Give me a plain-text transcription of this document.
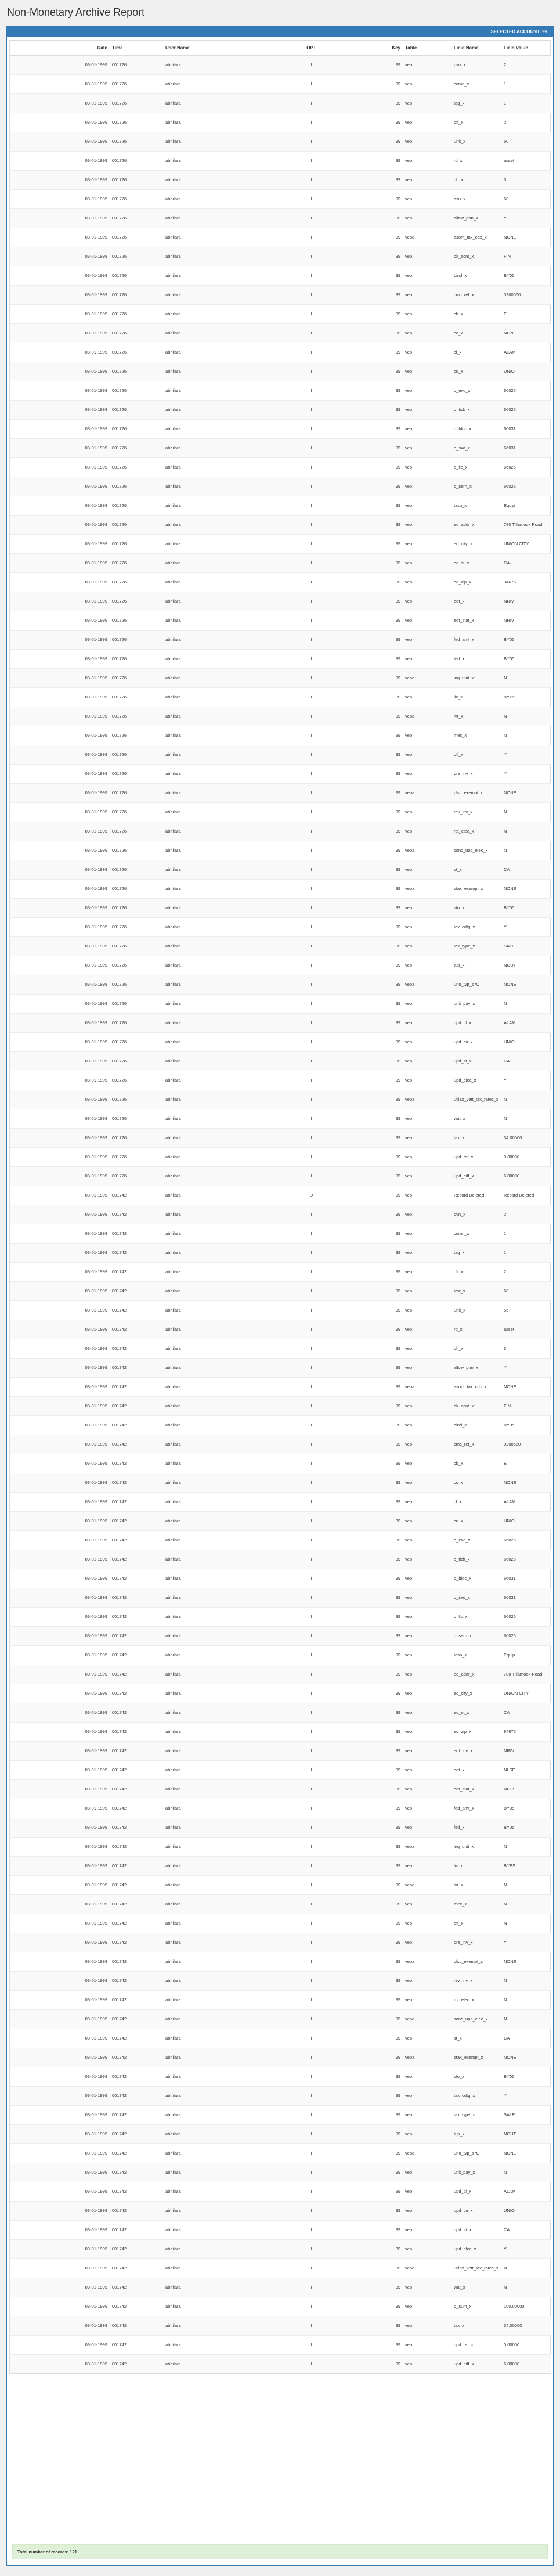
Non-Monetary Archive Report
SELECTED ACCOUNT 99
Date	Time	User Name	OPT	Key	Table	Field Name	Field Value
03-01-1999	001726	abhilara	I	99	vep	pvn_x	2
03-01-1999	001726	abhilara	I	99	vep	comn_x	1
03-01-1999	001726	abhilara	I	99	vep	tag_x	1
03-01-1999	001726	abhilara	I	99	vep	off_x	2
03-01-1999	001726	abhilara	I	99	vep	unit_x	50
03-01-1999	001726	abhilara	I	99	vep	rd_x	asset
03-01-1999	001726	abhilara	I	99	vep	dh_x	3
03-01-1999	001726	abhilara	I	99	vep	asu_x	60
03-01-1999	001726	abhilara	I	99	vep	allow_phn_x	Y
03-01-1999	001726	abhilara	I	99	vepa	asont_tax_cdo_x	NONE
03-01-1999	001726	abhilara	I	99	vep	bk_acnt_x	FIN
03-01-1999	001726	abhilara	I	99	vep	bind_x	BY05
03-01-1999	001726	abhilara	I	99	vep	cmc_ref_x	0200560
03-01-1999	001726	abhilara	I	99	vep	cb_x	E
03-01-1999	001726	abhilara	I	99	vep	cc_x	NONE
03-01-1999	001726	abhilara	I	99	vep	cl_x	ALAM
03-01-1999	001726	abhilara	I	99	vep	cu_x	UNIO
03-01-1999	001726	abhilara	I	99	vep	d_exo_x	66026
03-01-1999	001726	abhilara	I	99	vep	d_tick_x	66026
03-01-1999	001726	abhilara	I	99	vep	d_bloc_x	66031
03-01-1999	001726	abhilara	I	99	vep	d_sxd_x	66031
03-01-1999	001726	abhilara	I	99	vep	d_lic_x	66026
03-01-1999	001726	abhilara	I	99	vep	d_sern_x	66026
03-01-1999	001726	abhilara	I	99	vep	tasn_x	Equip
03-01-1999	001726	abhilara	I	99	vep	eq_addr_x	780 Tillamook Road
03-01-1999	001726	abhilara	I	99	vep	eq_city_x	UNION CITY
03-01-1999	001726	abhilara	I	99	vep	eq_st_x	CA
03-01-1999	001726	abhilara	I	99	vep	eq_zip_x	94675
03-01-1999	001726	abhilara	I	99	vep	eqt_x	NRIV
03-01-1999	001726	abhilara	I	99	vep	eqt_stat_x	NRIV
03-01-1999	001726	abhilara	I	99	vep	fed_amt_x	BY05
03-01-1999	001726	abhilara	I	99	vep	fed_x	BY05
03-01-1999	001726	abhilara	I	99	vepa	inq_unit_x	N
03-01-1999	001726	abhilara	I	99	vep	lic_x	BYPS
03-01-1999	001726	abhilara	I	99	vepa	lvr_x	N
03-01-1999	001726	abhilara	I	99	vep	mec_x	N
03-01-1999	001726	abhilara	I	99	vep	off_x	Y
03-01-1999	001726	abhilara	I	99	vep	pre_inv_x	Y
03-01-1999	001726	abhilara	I	99	vepa	plsc_exempt_x	NONE
03-01-1999	001726	abhilara	I	99	vep	rev_inv_x	N
03-01-1999	001726	abhilara	I	99	vep	rqt_elec_x	N
03-01-1999	001726	abhilara	I	99	vepa	sonc_upd_elec_x	N
03-01-1999	001726	abhilara	I	99	vep	st_x	CA
03-01-1999	001726	abhilara	I	99	vepa	stax_exempt_x	NONE
03-01-1999	001726	abhilara	I	99	vep	sto_x	BY05
03-01-1999	001726	abhilara	I	99	vep	tax_cdtg_x	Y
03-01-1999	001726	abhilara	I	99	vep	tax_type_x	SALE
03-01-1999	001726	abhilara	I	99	vep	tup_x	NOUT
03-01-1999	001726	abhilara	I	99	vepa	uno_typ_s7C	NONE
03-01-1999	001726	abhilara	I	99	vep	unit_pay_x	N
03-01-1999	001726	abhilara	I	99	vep	upd_cl_x	ALAM
03-01-1999	001726	abhilara	I	99	vep	upd_cu_x	UNIO
03-01-1999	001726	abhilara	I	99	vep	upd_st_x	CA
03-01-1999	001726	abhilara	I	99	vep	upd_elec_x	Y
03-01-1999	001726	abhilara	I	99	vepa	utilax_vett_tax_ratec_x	N
03-01-1999	001726	abhilara	I	99	vep	wat_x	N
03-01-1999	001726	abhilara	I	99	vep	tax_x	34.00000
03-01-1999	001726	abhilara	I	99	vep	upd_ret_x	0.00000
03-01-1999	001726	abhilara	I	99	vep	upd_eiff_x	6.00000
03-01-1999	001742	abhilara	D	99	vep	Record Deleted	Record Deleted
03-01-1999	001742	abhilara	I	99	vep	pvn_x	2
03-01-1999	001742	abhilara	I	99	vep	comn_x	1
03-01-1999	001742	abhilara	I	99	vep	tag_x	1
03-01-1999	001742	abhilara	I	99	vep	off_x	2
03-01-1999	001742	abhilara	I	99	vep	tow_x	60
03-01-1999	001742	abhilara	I	99	vep	unit_x	55
03-01-1999	001742	abhilara	I	99	vep	rd_x	asset
03-01-1999	001742	abhilara	I	99	vep	dh_x	3
03-01-1999	001742	abhilara	I	99	vep	allow_phn_x	Y
03-01-1999	001742	abhilara	I	99	vepa	asont_tax_cdo_x	NONE
03-01-1999	001742	abhilara	I	99	vep	bk_acnt_x	FIN
03-01-1999	001742	abhilara	I	99	vep	bind_x	BY05
03-01-1999	001742	abhilara	I	99	vep	cmc_ref_x	0200560
03-01-1999	001742	abhilara	I	99	vep	cb_x	E
03-01-1999	001742	abhilara	I	99	vep	cc_x	NONE
03-01-1999	001742	abhilara	I	99	vep	cl_x	ALAM
03-01-1999	001742	abhilara	I	99	vep	cu_x	UNIO
03-01-1999	001742	abhilara	I	99	vep	d_exo_x	66026
03-01-1999	001742	abhilara	I	99	vep	d_tick_x	66026
03-01-1999	001742	abhilara	I	99	vep	d_bloc_x	66031
03-01-1999	001742	abhilara	I	99	vep	d_sxd_x	66031
03-01-1999	001742	abhilara	I	99	vep	d_lic_x	66026
03-01-1999	001742	abhilara	I	99	vep	d_sern_x	66026
03-01-1999	001742	abhilara	I	99	vep	tasn_x	Equip
03-01-1999	001742	abhilara	I	99	vep	eq_addr_x	780 Tillamook Road
03-01-1999	001742	abhilara	I	99	vep	eq_city_x	UNION CITY
03-01-1999	001742	abhilara	I	99	vep	eq_st_x	CA
03-01-1999	001742	abhilara	I	99	vep	eq_zip_x	94675
03-01-1999	001742	abhilara	I	99	vep	eqt_inv_x	NRIV
03-01-1999	001742	abhilara	I	99	vep	eqt_x	NLSE
03-01-1999	001742	abhilara	I	99	vep	eqt_stat_x	NOLS
03-01-1999	001742	abhilara	I	99	vep	fed_amt_x	BY05
03-01-1999	001742	abhilara	I	99	vep	fed_x	BY05
03-01-1999	001742	abhilara	I	99	vepa	inq_unit_x	N
03-01-1999	001742	abhilara	I	99	vep	lic_x	BYPS
03-01-1999	001742	abhilara	I	99	vepa	lvr_x	N
03-01-1999	001742	abhilara	I	99	vep	mec_x	N
03-01-1999	001742	abhilara	I	99	vep	off_x	N
03-01-1999	001742	abhilara	I	99	vep	pre_inv_x	Y
03-01-1999	001742	abhilara	I	99	vepa	plsc_exempt_x	NONE
03-01-1999	001742	abhilara	I	99	vep	rev_inv_x	N
03-01-1999	001742	abhilara	I	99	vep	rqt_elec_x	N
03-01-1999	001742	abhilara	I	99	vepa	sonc_upd_elec_x	N
03-01-1999	001742	abhilara	I	99	vep	st_x	CA
03-01-1999	001742	abhilara	I	99	vepa	stax_exempt_x	NONE
03-01-1999	001742	abhilara	I	99	vep	sto_x	BY05
03-01-1999	001742	abhilara	I	99	vep	tax_cdtg_x	Y
03-01-1999	001742	abhilara	I	99	vep	tax_type_x	SALE
03-01-1999	001742	abhilara	I	99	vep	tup_x	NOUT
03-01-1999	001742	abhilara	I	99	vepa	uno_typ_s7C	NONE
03-01-1999	001742	abhilara	I	99	vep	unit_pay_x	N
03-01-1999	001742	abhilara	I	99	vep	upd_cl_x	ALAM
03-01-1999	001742	abhilara	I	99	vep	upd_cu_x	UNIO
03-01-1999	001742	abhilara	I	99	vep	upd_st_x	CA
03-01-1999	001742	abhilara	I	99	vep	upd_elec_x	Y
03-01-1999	001742	abhilara	I	99	vepa	utilax_vett_tax_ratec_x	N
03-01-1999	001742	abhilara	I	99	vep	wat_x	N
03-01-1999	001742	abhilara	I	99	vep	p_sum_x	100.00000
03-01-1999	001742	abhilara	I	99	vep	tax_x	34.00000
03-01-1999	001742	abhilara	I	99	vep	upd_ret_x	0.00000
03-01-1999	001742	abhilara	I	99	vep	upd_eiff_x	6.00000
Total number of records: 121
